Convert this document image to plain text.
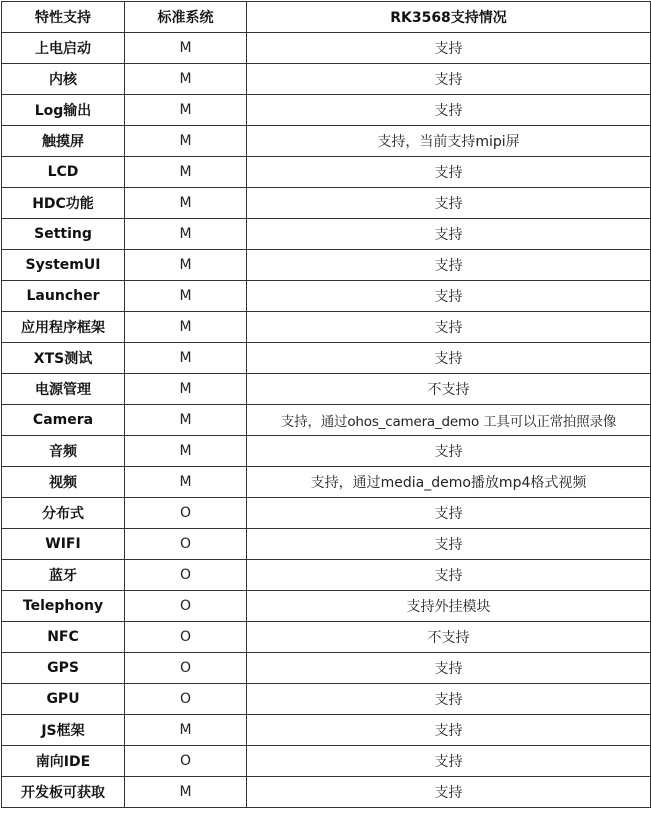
特性支持	标准系统	RK3568支持情况
上电启动	M	支持
内核	M	支持
Log输出	M	支持
触摸屏	M	支持，当前支持mipi屏
LCD	M	支持
HDC功能	M	支持
Setting	M	支持
SystemUI	M	支持
Launcher	M	支持
应用程序框架	M	支持
XTS测试	M	支持
电源管理	M	不支持
Camera	M	支持，通过ohos_camera_demo 工具可以正常拍照录像
音频	M	支持
视频	M	支持，通过media_demo播放mp4格式视频
分布式	O	支持
WIFI	O	支持
蓝牙	O	支持
Telephony	O	支持外挂模块
NFC	O	不支持
GPS	O	支持
GPU	O	支持
JS框架	M	支持
南向IDE	O	支持
开发板可获取	M	支持
